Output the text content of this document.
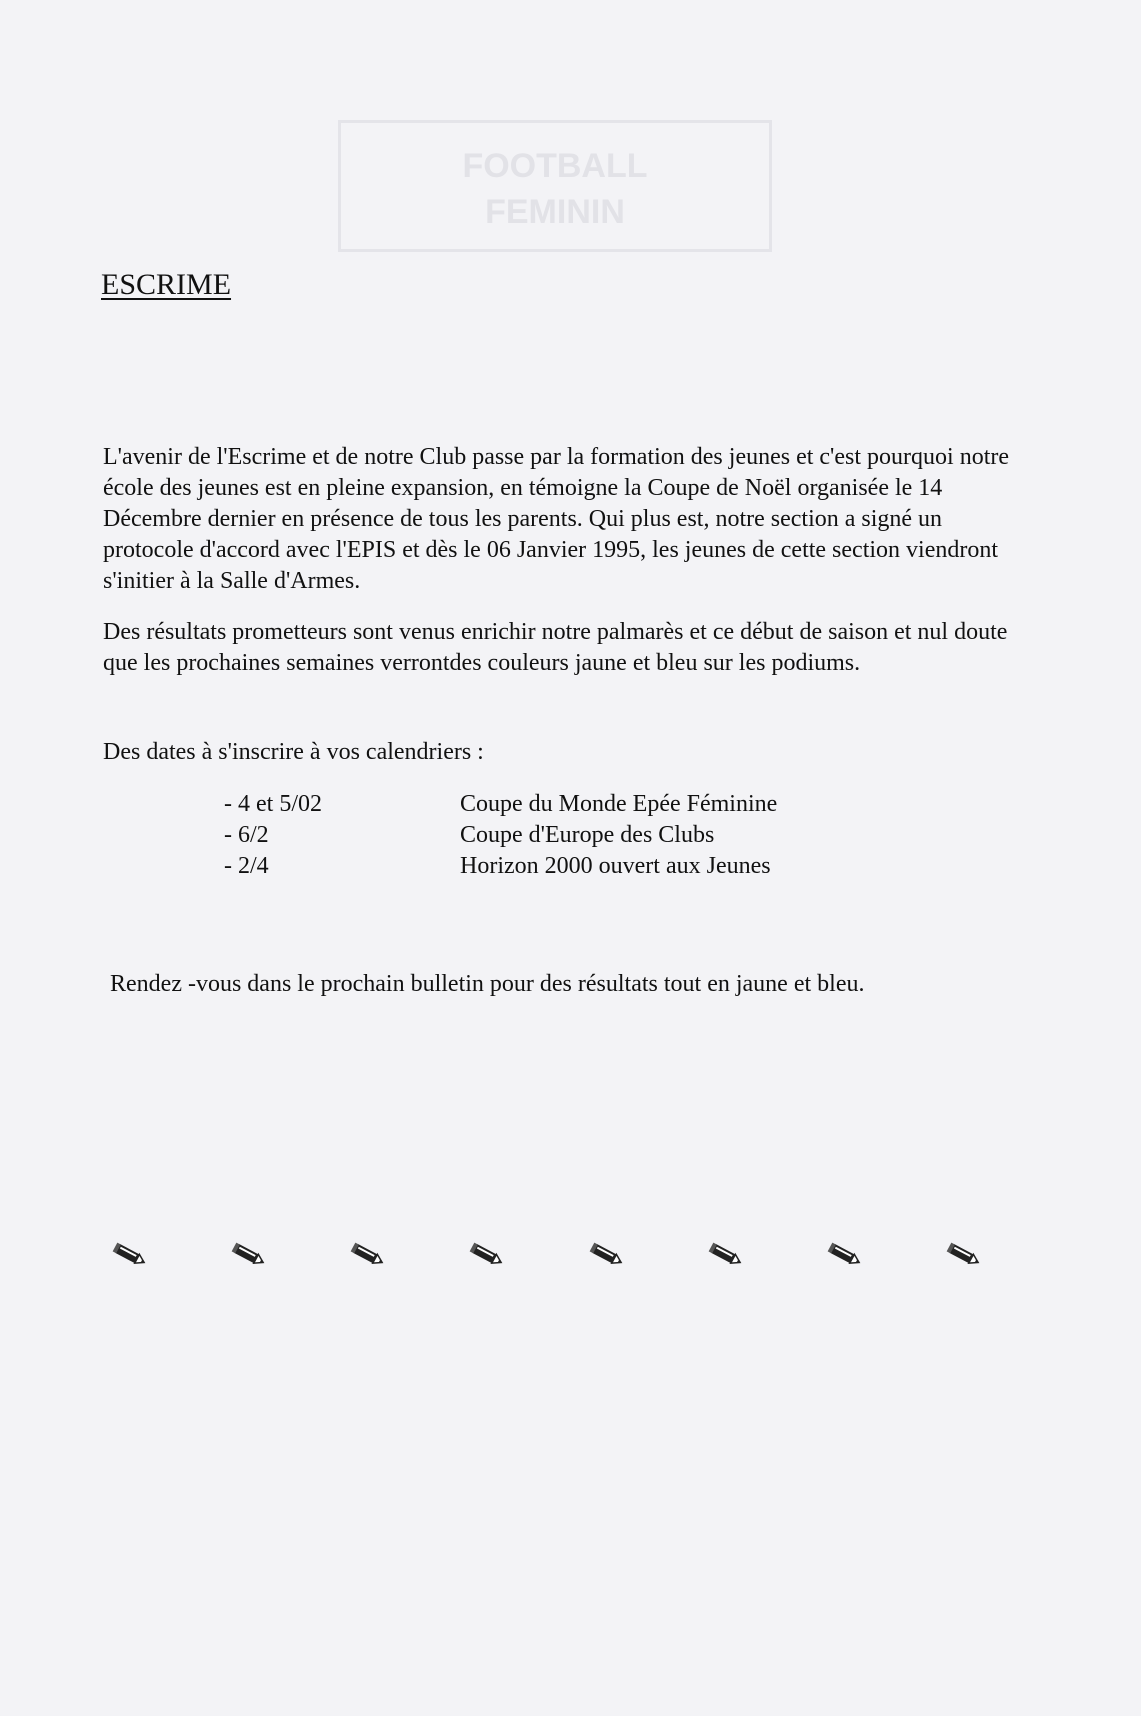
FOOTBALL
FEMININ
ESCRIME
L'avenir de l'Escrime et de notre Club passe par la formation des jeunes et c'est pourquoi notre école des jeunes est en pleine expansion, en témoigne la Coupe de Noël organisée le 14 Décembre dernier en présence de tous les parents. Qui plus est, notre section a signé un protocole d'accord avec l'EPIS et dès le 06 Janvier 1995, les jeunes de cette section viendront s'initier à la Salle d'Armes.
Des résultats prometteurs sont venus enrichir notre palmarès et ce début de saison et nul doute que les prochaines semaines verrontdes couleurs jaune et bleu sur les podiums.
Des dates à s'inscrire à vos calendriers :
- 4 et 5/02	Coupe du Monde Epée Féminine
- 6/2	Coupe d'Europe des Clubs
- 2/4	Horizon 2000 ouvert aux Jeunes
Rendez -vous dans le prochain bulletin pour des résultats tout en jaune et bleu.
